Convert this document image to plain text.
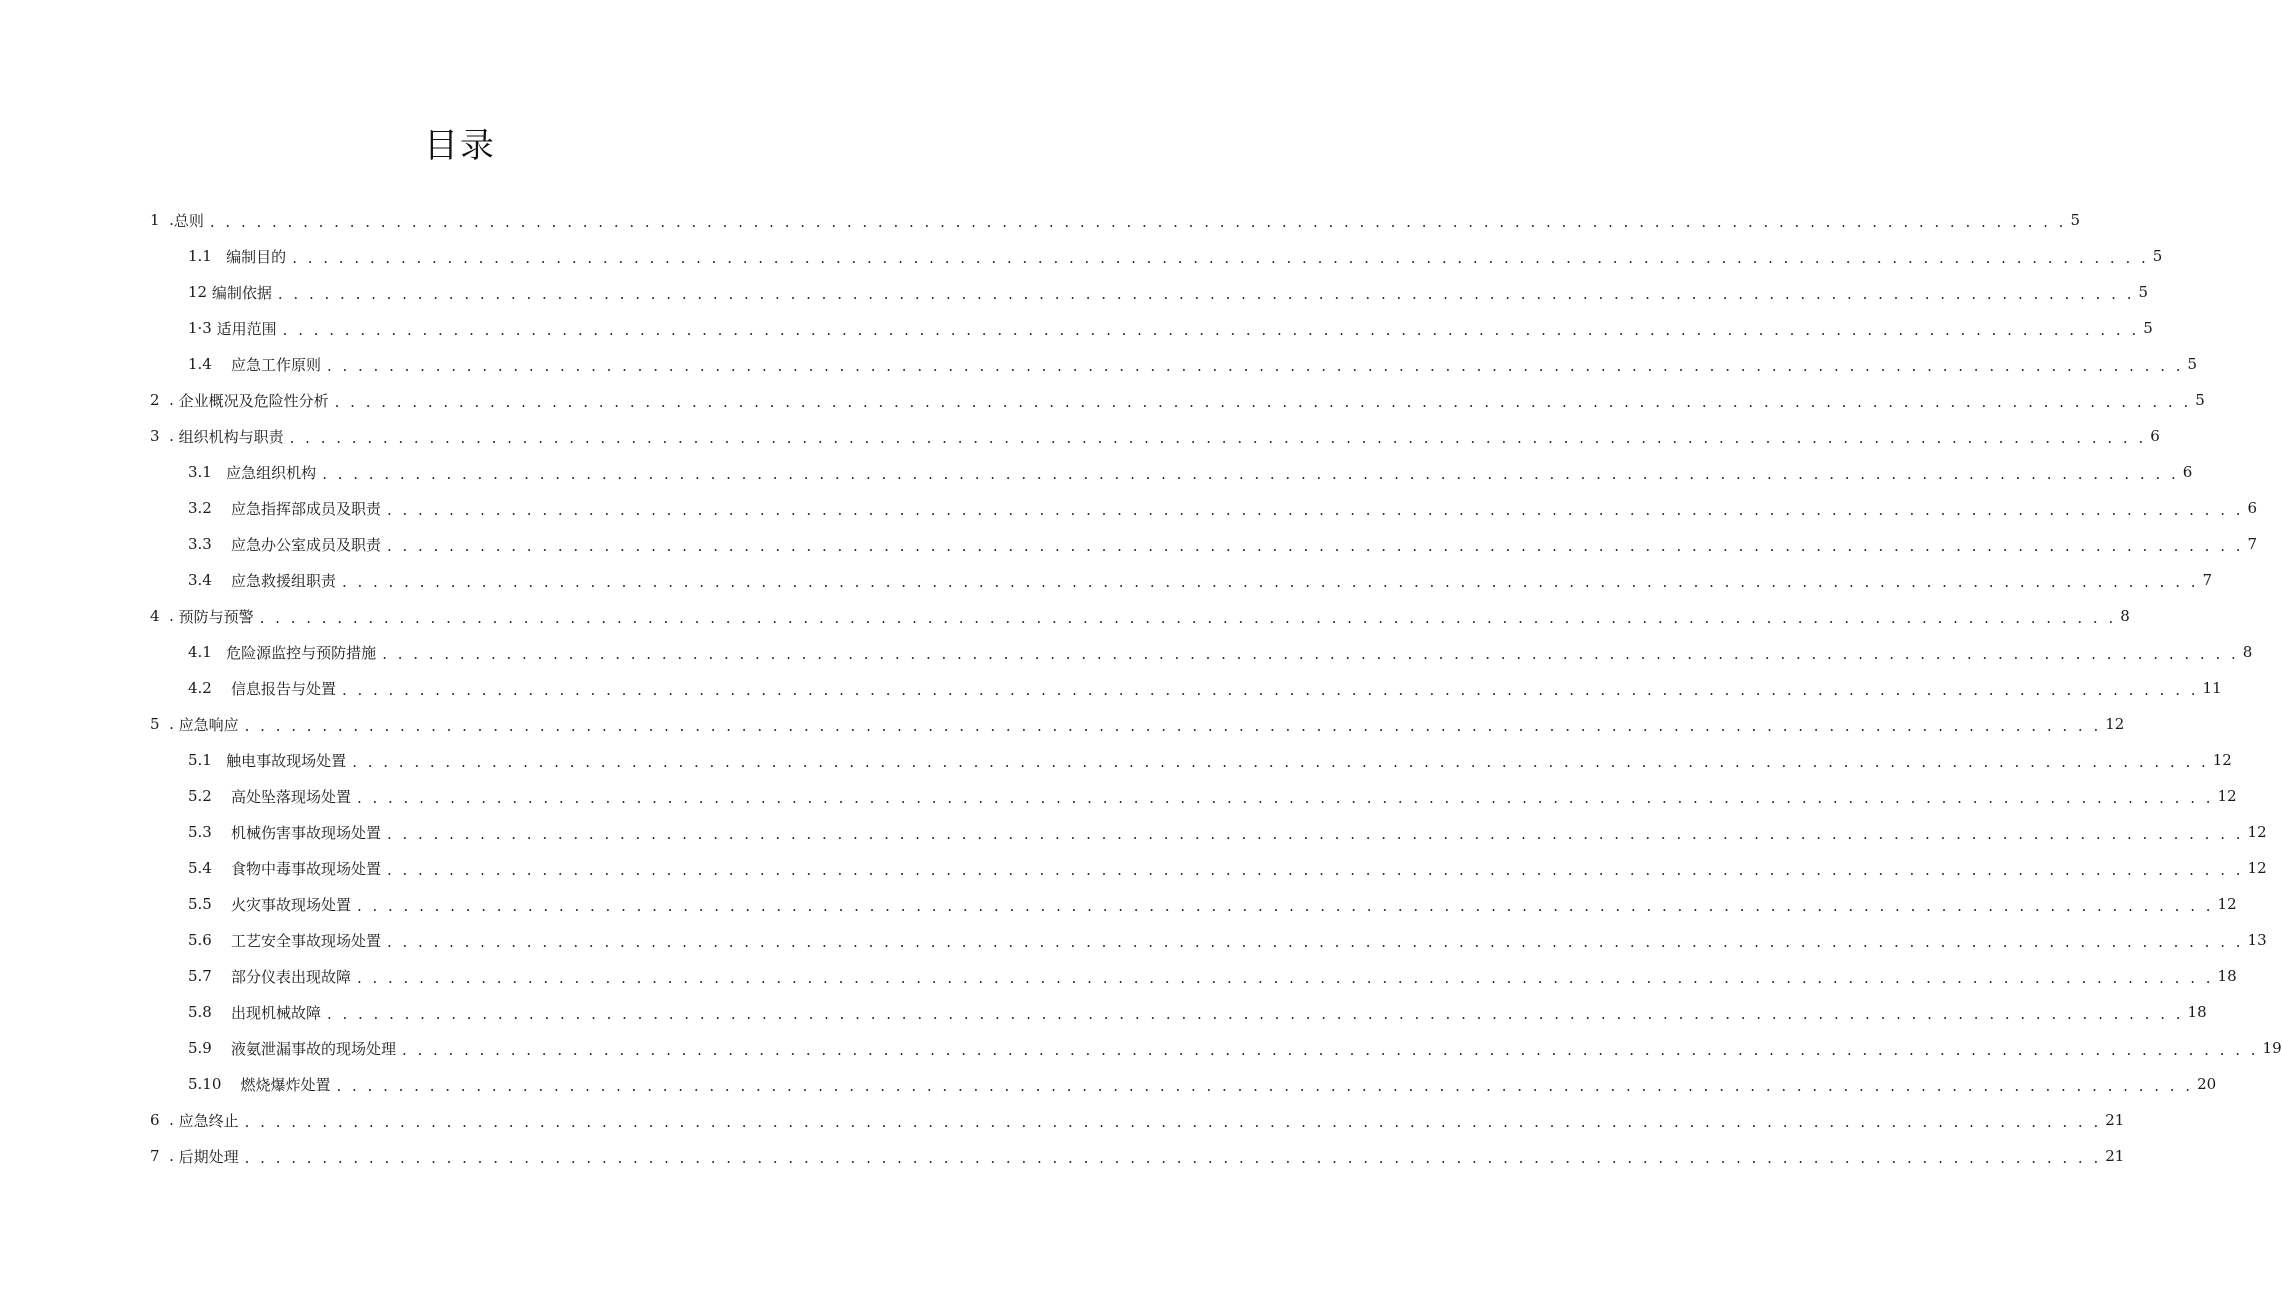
目录
1 . 总则 . . . . . . . . . . . . . . . . . . . . . . . . . . . . . . . . . . . . . . . . . . . . . . . . . . . . . . . . . . . . . . . . . . . . . . . . . . . . . . . . . . . . . . . . . . . . . . . . . . . . . . . . . . . . . . . . . . . . . . . . 5
1.1
编制目的 . . . . . . . . . . . . . . . . . . . . . . . . . . . . . . . . . . . . . . . . . . . . . . . . . . . . . . . . . . . . . . . . . . . . . . . . . . . . . . . . . . . . . . . . . . . . . . . . . . . . . . . . . . . . . . . . . . . . . . . . 5
12
编制依据 . . . . . . . . . . . . . . . . . . . . . . . . . . . . . . . . . . . . . . . . . . . . . . . . . . . . . . . . . . . . . . . . . . . . . . . . . . . . . . . . . . . . . . . . . . . . . . . . . . . . . . . . . . . . . . . . . . . . . . . . 5
1·3
适用范围 . . . . . . . . . . . . . . . . . . . . . . . . . . . . . . . . . . . . . . . . . . . . . . . . . . . . . . . . . . . . . . . . . . . . . . . . . . . . . . . . . . . . . . . . . . . . . . . . . . . . . . . . . . . . . . . . . . . . . . . . 5
1.4
应急工作原则 . . . . . . . . . . . . . . . . . . . . . . . . . . . . . . . . . . . . . . . . . . . . . . . . . . . . . . . . . . . . . . . . . . . . . . . . . . . . . . . . . . . . . . . . . . . . . . . . . . . . . . . . . . . . . . . . . . . . . . . . 5
2 . 企业概况及危险性分析 . . . . . . . . . . . . . . . . . . . . . . . . . . . . . . . . . . . . . . . . . . . . . . . . . . . . . . . . . . . . . . . . . . . . . . . . . . . . . . . . . . . . . . . . . . . . . . . . . . . . . . . . . . . . . . . . . . . . . . . . 5
3 . 组织机构与职责 . . . . . . . . . . . . . . . . . . . . . . . . . . . . . . . . . . . . . . . . . . . . . . . . . . . . . . . . . . . . . . . . . . . . . . . . . . . . . . . . . . . . . . . . . . . . . . . . . . . . . . . . . . . . . . . . . . . . . . . . 6
3.1
应急组织机构 . . . . . . . . . . . . . . . . . . . . . . . . . . . . . . . . . . . . . . . . . . . . . . . . . . . . . . . . . . . . . . . . . . . . . . . . . . . . . . . . . . . . . . . . . . . . . . . . . . . . . . . . . . . . . . . . . . . . . . . . 6
3.2
应急指挥部成员及职责 . . . . . . . . . . . . . . . . . . . . . . . . . . . . . . . . . . . . . . . . . . . . . . . . . . . . . . . . . . . . . . . . . . . . . . . . . . . . . . . . . . . . . . . . . . . . . . . . . . . . . . . . . . . . . . . . . . . . . . . . 6
3.3
应急办公室成员及职责 . . . . . . . . . . . . . . . . . . . . . . . . . . . . . . . . . . . . . . . . . . . . . . . . . . . . . . . . . . . . . . . . . . . . . . . . . . . . . . . . . . . . . . . . . . . . . . . . . . . . . . . . . . . . . . . . . . . . . . . . 7
3.4
应急救援组职责 . . . . . . . . . . . . . . . . . . . . . . . . . . . . . . . . . . . . . . . . . . . . . . . . . . . . . . . . . . . . . . . . . . . . . . . . . . . . . . . . . . . . . . . . . . . . . . . . . . . . . . . . . . . . . . . . . . . . . . . . 7
4 . 预防与预警 . . . . . . . . . . . . . . . . . . . . . . . . . . . . . . . . . . . . . . . . . . . . . . . . . . . . . . . . . . . . . . . . . . . . . . . . . . . . . . . . . . . . . . . . . . . . . . . . . . . . . . . . . . . . . . . . . . . . . . . . 8
4.1
危险源监控与预防措施 . . . . . . . . . . . . . . . . . . . . . . . . . . . . . . . . . . . . . . . . . . . . . . . . . . . . . . . . . . . . . . . . . . . . . . . . . . . . . . . . . . . . . . . . . . . . . . . . . . . . . . . . . . . . . . . . . . . . . . . . 8
4.2
信息报告与处置 . . . . . . . . . . . . . . . . . . . . . . . . . . . . . . . . . . . . . . . . . . . . . . . . . . . . . . . . . . . . . . . . . . . . . . . . . . . . . . . . . . . . . . . . . . . . . . . . . . . . . . . . . . . . . . . . . . . . . . . . 11
5 . 应急响应 . . . . . . . . . . . . . . . . . . . . . . . . . . . . . . . . . . . . . . . . . . . . . . . . . . . . . . . . . . . . . . . . . . . . . . . . . . . . . . . . . . . . . . . . . . . . . . . . . . . . . . . . . . . . . . . . . . . . . . . . 12
5.1
触电事故现场处置 . . . . . . . . . . . . . . . . . . . . . . . . . . . . . . . . . . . . . . . . . . . . . . . . . . . . . . . . . . . . . . . . . . . . . . . . . . . . . . . . . . . . . . . . . . . . . . . . . . . . . . . . . . . . . . . . . . . . . . . . 12
5.2
高处坠落现场处置 . . . . . . . . . . . . . . . . . . . . . . . . . . . . . . . . . . . . . . . . . . . . . . . . . . . . . . . . . . . . . . . . . . . . . . . . . . . . . . . . . . . . . . . . . . . . . . . . . . . . . . . . . . . . . . . . . . . . . . . . 12
5.3
机械伤害事故现场处置 . . . . . . . . . . . . . . . . . . . . . . . . . . . . . . . . . . . . . . . . . . . . . . . . . . . . . . . . . . . . . . . . . . . . . . . . . . . . . . . . . . . . . . . . . . . . . . . . . . . . . . . . . . . . . . . . . . . . . . . . 12
5.4
食物中毒事故现场处置 . . . . . . . . . . . . . . . . . . . . . . . . . . . . . . . . . . . . . . . . . . . . . . . . . . . . . . . . . . . . . . . . . . . . . . . . . . . . . . . . . . . . . . . . . . . . . . . . . . . . . . . . . . . . . . . . . . . . . . . . 12
5.5
火灾事故现场处置 . . . . . . . . . . . . . . . . . . . . . . . . . . . . . . . . . . . . . . . . . . . . . . . . . . . . . . . . . . . . . . . . . . . . . . . . . . . . . . . . . . . . . . . . . . . . . . . . . . . . . . . . . . . . . . . . . . . . . . . . 12
5.6
工艺安全事故现场处置 . . . . . . . . . . . . . . . . . . . . . . . . . . . . . . . . . . . . . . . . . . . . . . . . . . . . . . . . . . . . . . . . . . . . . . . . . . . . . . . . . . . . . . . . . . . . . . . . . . . . . . . . . . . . . . . . . . . . . . . . 13
5.7
部分仪表出现故障 . . . . . . . . . . . . . . . . . . . . . . . . . . . . . . . . . . . . . . . . . . . . . . . . . . . . . . . . . . . . . . . . . . . . . . . . . . . . . . . . . . . . . . . . . . . . . . . . . . . . . . . . . . . . . . . . . . . . . . . . 18
5.8
出现机械故障 . . . . . . . . . . . . . . . . . . . . . . . . . . . . . . . . . . . . . . . . . . . . . . . . . . . . . . . . . . . . . . . . . . . . . . . . . . . . . . . . . . . . . . . . . . . . . . . . . . . . . . . . . . . . . . . . . . . . . . . . 18
5.9
液氨泄漏事故的现场处理 . . . . . . . . . . . . . . . . . . . . . . . . . . . . . . . . . . . . . . . . . . . . . . . . . . . . . . . . . . . . . . . . . . . . . . . . . . . . . . . . . . . . . . . . . . . . . . . . . . . . . . . . . . . . . . . . . . . . . . . . 19
5.10
燃烧爆炸处置 . . . . . . . . . . . . . . . . . . . . . . . . . . . . . . . . . . . . . . . . . . . . . . . . . . . . . . . . . . . . . . . . . . . . . . . . . . . . . . . . . . . . . . . . . . . . . . . . . . . . . . . . . . . . . . . . . . . . . . . . 20
6 . 应急终止 . . . . . . . . . . . . . . . . . . . . . . . . . . . . . . . . . . . . . . . . . . . . . . . . . . . . . . . . . . . . . . . . . . . . . . . . . . . . . . . . . . . . . . . . . . . . . . . . . . . . . . . . . . . . . . . . . . . . . . . . 21
7 . 后期处理 . . . . . . . . . . . . . . . . . . . . . . . . . . . . . . . . . . . . . . . . . . . . . . . . . . . . . . . . . . . . . . . . . . . . . . . . . . . . . . . . . . . . . . . . . . . . . . . . . . . . . . . . . . . . . . . . . . . . . . . . 21
